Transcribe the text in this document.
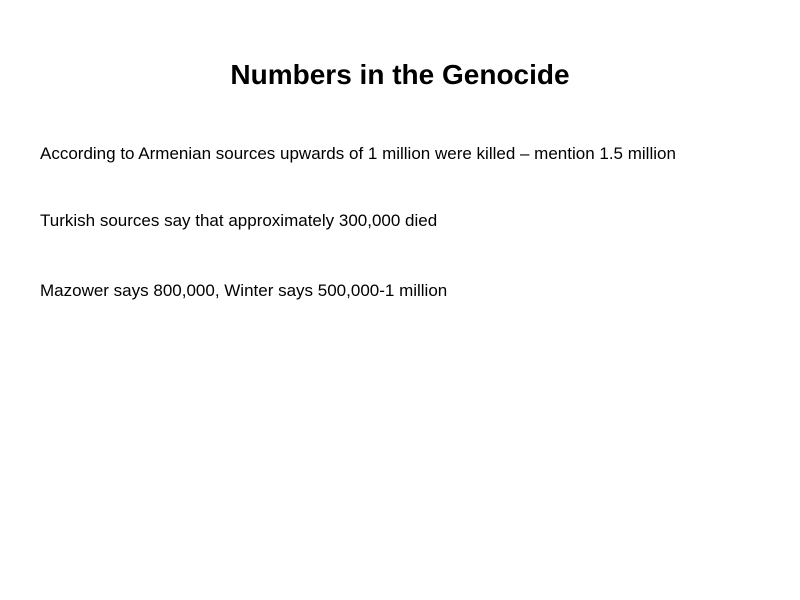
Numbers in the Genocide
According to Armenian sources upwards of 1 million were killed – mention 1.5 million
Turkish sources say that approximately 300,000 died
Mazower says 800,000, Winter says 500,000-1 million
